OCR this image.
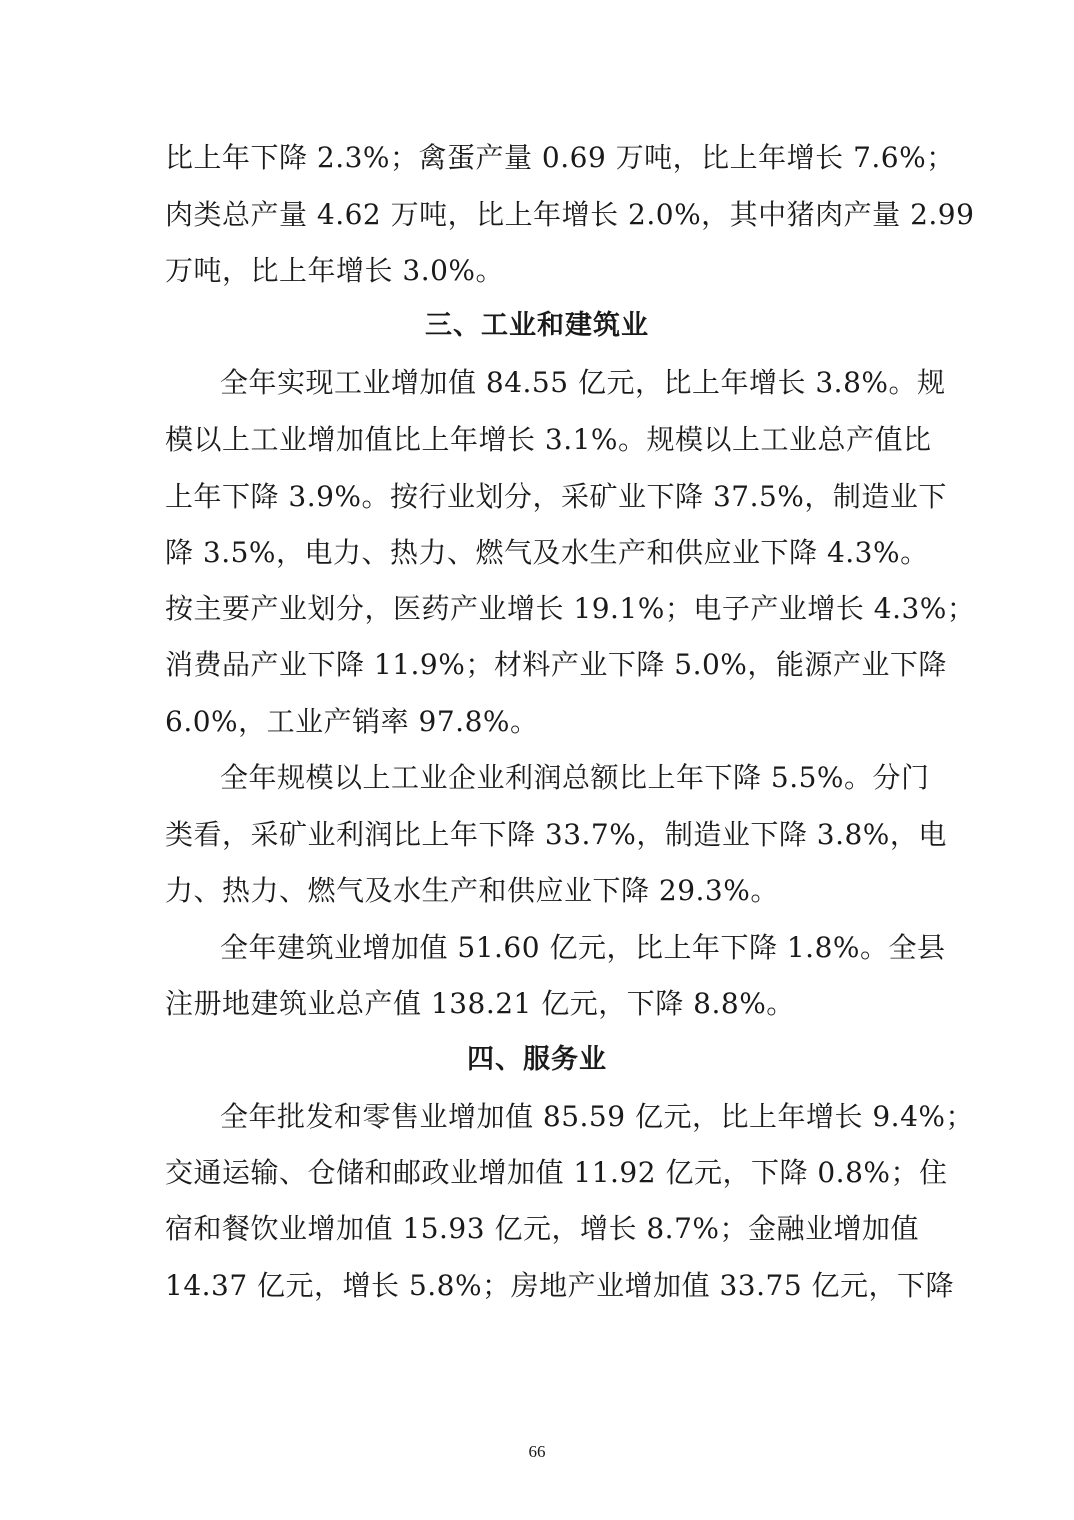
比上年下降 2.3%；禽蛋产量 0.69 万吨，比上年增长 7.6%；
肉类总产量 4.62 万吨，比上年增长 2.0%，其中猪肉产量 2.99
万吨，比上年增长 3.0%。
三、工业和建筑业
全年实现工业增加值 84.55 亿元，比上年增长 3.8%。规
模以上工业增加值比上年增长 3.1%。规模以上工业总产值比
上年下降 3.9%。按行业划分，采矿业下降 37.5%，制造业下
降 3.5%，电力、热力、燃气及水生产和供应业下降 4.3%。
按主要产业划分，医药产业增长 19.1%；电子产业增长 4.3%；
消费品产业下降 11.9%；材料产业下降 5.0%，能源产业下降
6.0%，工业产销率 97.8%。
全年规模以上工业企业利润总额比上年下降 5.5%。分门
类看，采矿业利润比上年下降 33.7%，制造业下降 3.8%，电
力、热力、燃气及水生产和供应业下降 29.3%。
全年建筑业增加值 51.60 亿元，比上年下降 1.8%。全县
注册地建筑业总产值 138.21 亿元，下降 8.8%。
四、服务业
全年批发和零售业增加值 85.59 亿元，比上年增长 9.4%；
交通运输、仓储和邮政业增加值 11.92 亿元，下降 0.8%；住
宿和餐饮业增加值 15.93 亿元，增长 8.7%；金融业增加值
14.37 亿元，增长 5.8%；房地产业增加值 33.75 亿元，下降
66
